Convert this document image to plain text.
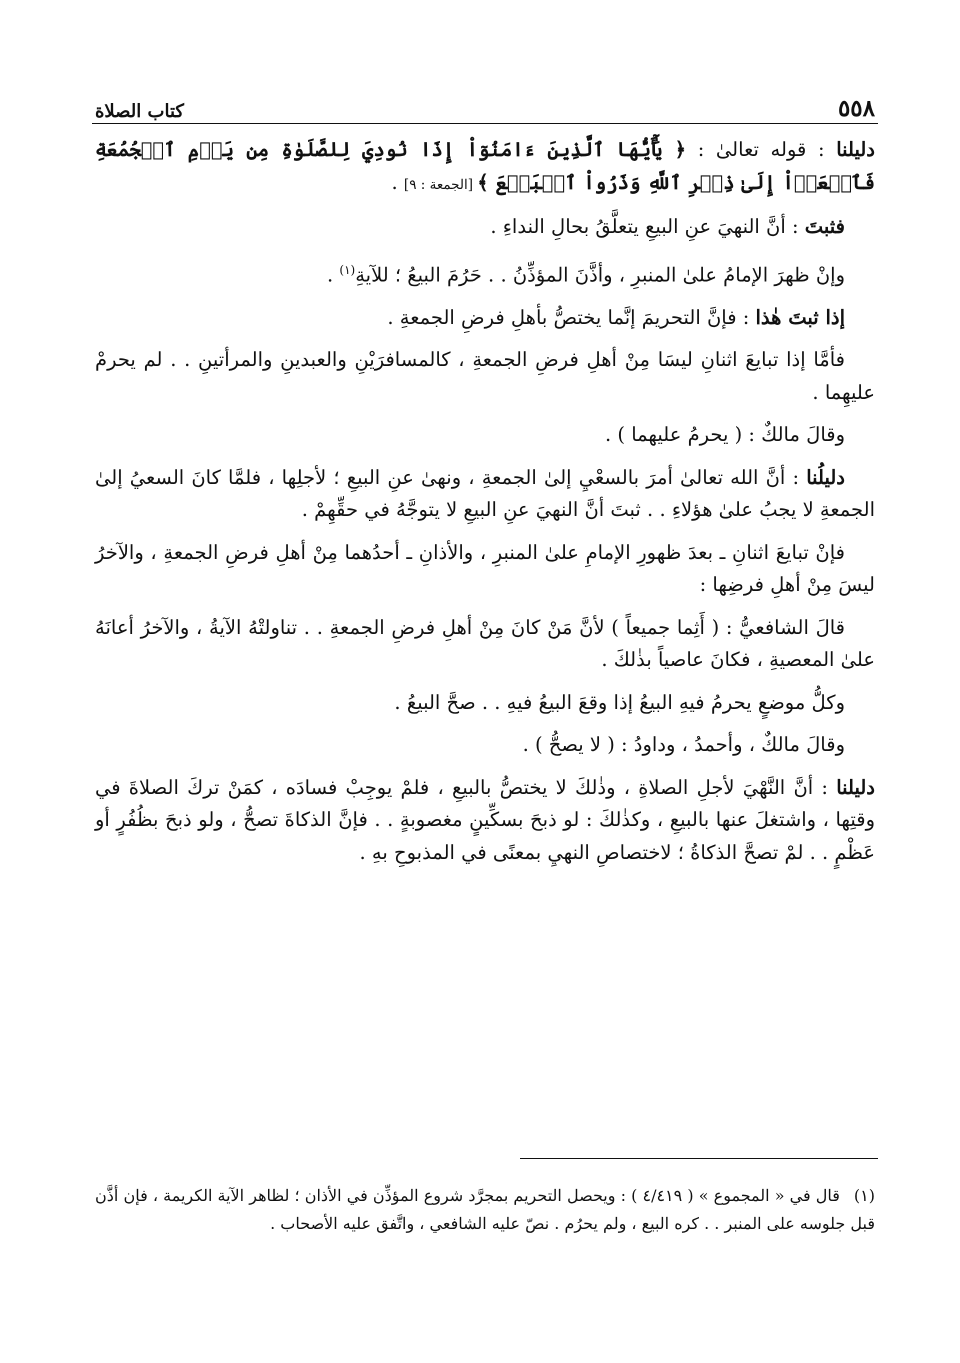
٥٥٨
كتاب الصلاة

دليلنا : قوله تعالىٰ : ﴿ يَٰٓأَيُّهَا ٱلَّذِينَ ءَامَنُوٓاْ إِذَا نُودِيَ لِلصَّلَوٰةِ مِن يَوۡمِ ٱلۡجُمُعَةِ فَٱسۡعَوۡاْ إِلَىٰ ذِكۡرِ ٱللَّهِ وَذَرُواْ ٱلۡبَيۡعَ ﴾ [الجمعة : ٩] .

فثبتَ : أنَّ النهيَ عنِ البيعِ يتعلَّقُ بحالِ النداءِ .

وإنْ ظهرَ الإمامُ علىٰ المنبرِ ، وأذَّنَ المؤذِّنُ . . حَرُمَ البيعُ ؛ للآيةِ$^{(١)}$ .

إذا ثبتَ هٰذا : فإنَّ التحريمَ إنَّما يختصُّ بأهلِ فرضِ الجمعةِ .

فأمَّا إذا تبايعَ اثنانِ ليسَا مِنْ أهلِ فرضِ الجمعةِ ، كالمسافرَيْنِ والعبدينِ والمرأتينِ . . لم يحرمْ عليهِما .

وقالَ مالكٌ : ( يحرمُ عليهما ) .

دليلُنا : أنَّ الله تعالىٰ أمرَ بالسعْيِ إلىٰ الجمعةِ ، ونهىٰ عنِ البيعِ ؛ لأجلِها ، فلمَّا كانَ السعيُ إلىٰ الجمعةِ لا يجبُ علىٰ هؤلاءِ . . ثبتَ أنَّ النهيَ عنِ البيعِ لا يتوجَّهُ في حقِّهِمْ .

فإنْ تبايعَ اثنانِ ـ بعدَ ظهورِ الإمامِ علىٰ المنبرِ ، والأذانِ ـ أحدُهما مِنْ أهلِ فرضِ الجمعةِ ، والآخرُ ليسَ مِنْ أهلِ فرضِها :

قالَ الشافعيُّ : ( أَثِما جميعاً ) لأنَّ مَنْ كانَ مِنْ أهلِ فرضِ الجمعةِ . . تناولتْهُ الآيةُ ، والآخرُ أعانَهُ علىٰ المعصيةِ ، فكانَ عاصياً بذٰلكَ .

وكلُّ موضعٍ يحرمُ فيهِ البيعُ إذا وقعَ البيعُ فيهِ . . صحَّ البيعُ .

وقالَ مالكٌ ، وأحمدُ ، وداودُ : ( لا يصحُّ ) .

دليلنا : أنَّ النَّهْيَ لأجلِ الصلاةِ ، وذٰلكَ لا يختصُّ بالبيعِ ، فلمْ يوجِبْ فسادَه ، كمَنْ تركَ الصلاةَ في وقتِها ، واشتغلَ عنها بالبيعِ ، وكذٰلكَ : لو ذبحَ بسكِّينٍ مغصوبةٍ . . فإنَّ الذكاةَ تصحُّ ، ولو ذبحَ بظُفُرٍ أو عَظْمٍ . . لمْ تصحَّ الذكاةُ ؛ لاختصاصِ النهيِ بمعنًى في المذبوحِ بهِ .

(١)قال في « المجموع » ( ٤/٤١٩ ) : ويحصل التحريم بمجرَّد شروع المؤذِّن في الأذان ؛ لظاهر الآية الكريمة ، فإن أذَّن قبل جلوسه على المنبر . . كره البيع ، ولم يحرُم . نصّ عليه الشافعي ، واتَّفق عليه الأصحاب .
